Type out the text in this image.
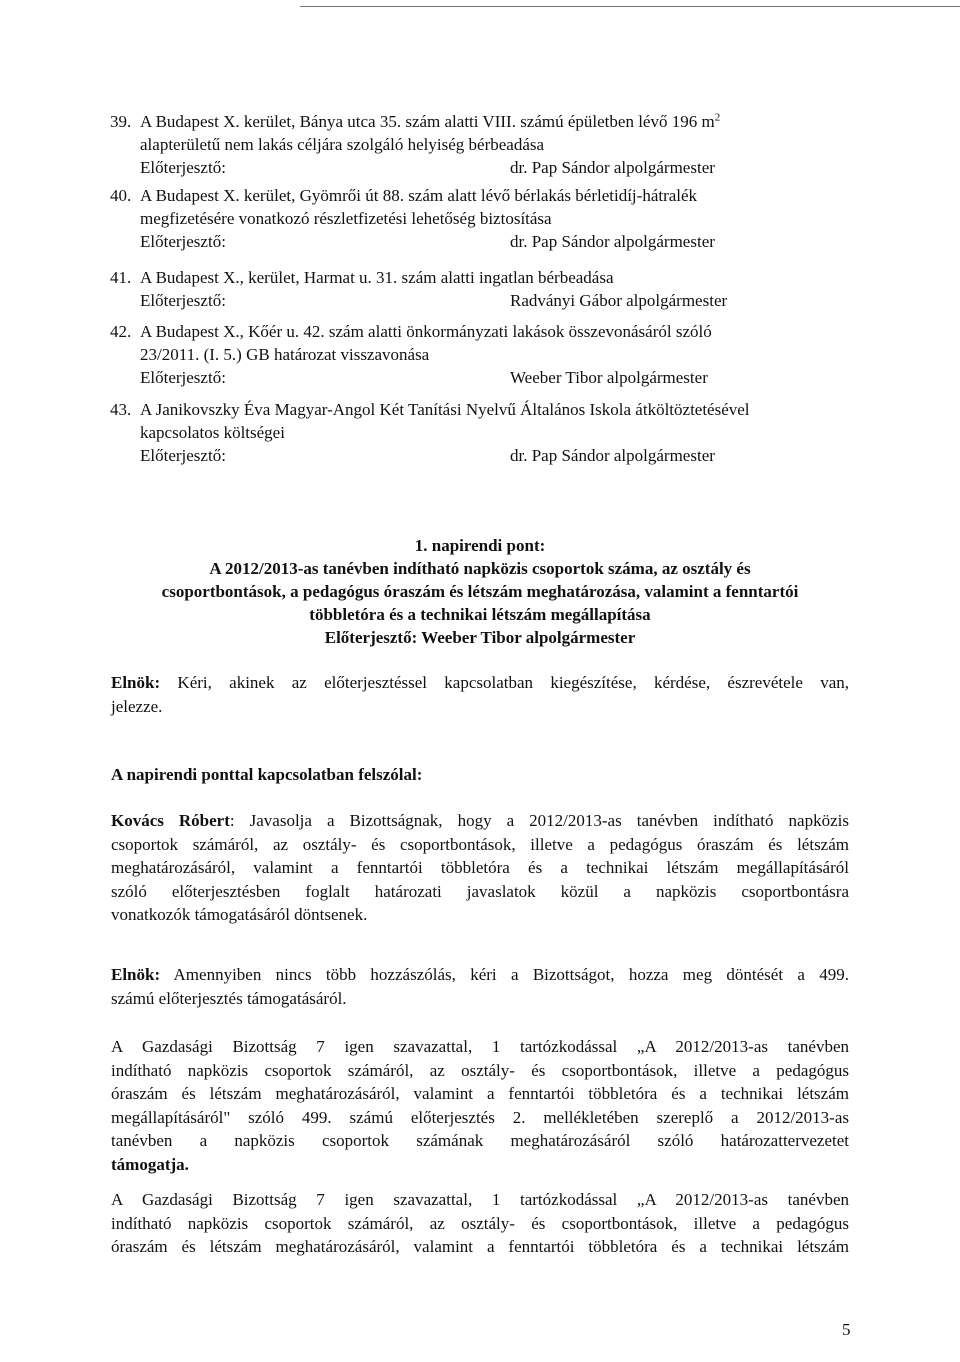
39. A Budapest X. kerület, Bánya utca 35. szám alatti VIII. számú épületben lévő 196 $m^2$
alapterületű nem lakás céljára szolgáló helyiség bérbeadása
Előterjesztő:	dr. Pap Sándor alpolgármester
40. A Budapest X. kerület, Gyömrői út 88. szám alatt lévő bérlakás bérletidíj-hátralék
megfizetésére vonatkozó részletfizetési lehetőség biztosítása
Előterjesztő:	dr. Pap Sándor alpolgármester
41. A Budapest X., kerület, Harmat u. 31. szám alatti ingatlan bérbeadása
Előterjesztő:	Radványi Gábor alpolgármester
42. A Budapest X., Kőér u. 42. szám alatti önkormányzati lakások összevonásáról szóló
23/2011. (I. 5.) GB határozat visszavonása
Előterjesztő:	Weeber Tibor alpolgármester
43. A Janikovszky Éva Magyar-Angol Két Tanítási Nyelvű Általános Iskola átköltöztetésével
kapcsolatos költségei
Előterjesztő:	dr. Pap Sándor alpolgármester
1. napirendi pont:
A 2012/2013-as tanévben indítható napközis csoportok száma, az osztály és
csoportbontások, a pedagógus óraszám és létszám meghatározása, valamint a fenntartói
többletóra és a technikai létszám megállapítása
Előterjesztő: Weeber Tibor alpolgármester
Elnök: Kéri, akinek az előterjesztéssel kapcsolatban kiegészítése, kérdése, észrevétele van,
jelezze.
A napirendi ponttal kapcsolatban felszólal:
Kovács Róbert: Javasolja a Bizottságnak, hogy a 2012/2013-as tanévben indítható napközis
csoportok számáról, az osztály- és csoportbontások, illetve a pedagógus óraszám és létszám
meghatározásáról, valamint a fenntartói többletóra és a technikai létszám megállapításáról
szóló előterjesztésben foglalt határozati javaslatok közül a napközis csoportbontásra
vonatkozók támogatásáról döntsenek.
Elnök: Amennyiben nincs több hozzászólás, kéri a Bizottságot, hozza meg döntését a 499.
számú előterjesztés támogatásáról.
A Gazdasági Bizottság 7 igen szavazattal, 1 tartózkodással „A 2012/2013-as tanévben
indítható napközis csoportok számáról, az osztály- és csoportbontások, illetve a pedagógus
óraszám és létszám meghatározásáról, valamint a fenntartói többletóra és a technikai létszám
megállapításáról" szóló 499. számú előterjesztés 2. mellékletében szereplő a 2012/2013-as
tanévben a napközis csoportok számának meghatározásáról szóló határozattervezetet
támogatja.
A Gazdasági Bizottság 7 igen szavazattal, 1 tartózkodással „A 2012/2013-as tanévben
indítható napközis csoportok számáról, az osztály- és csoportbontások, illetve a pedagógus
óraszám és létszám meghatározásáról, valamint a fenntartói többletóra és a technikai létszám
5
